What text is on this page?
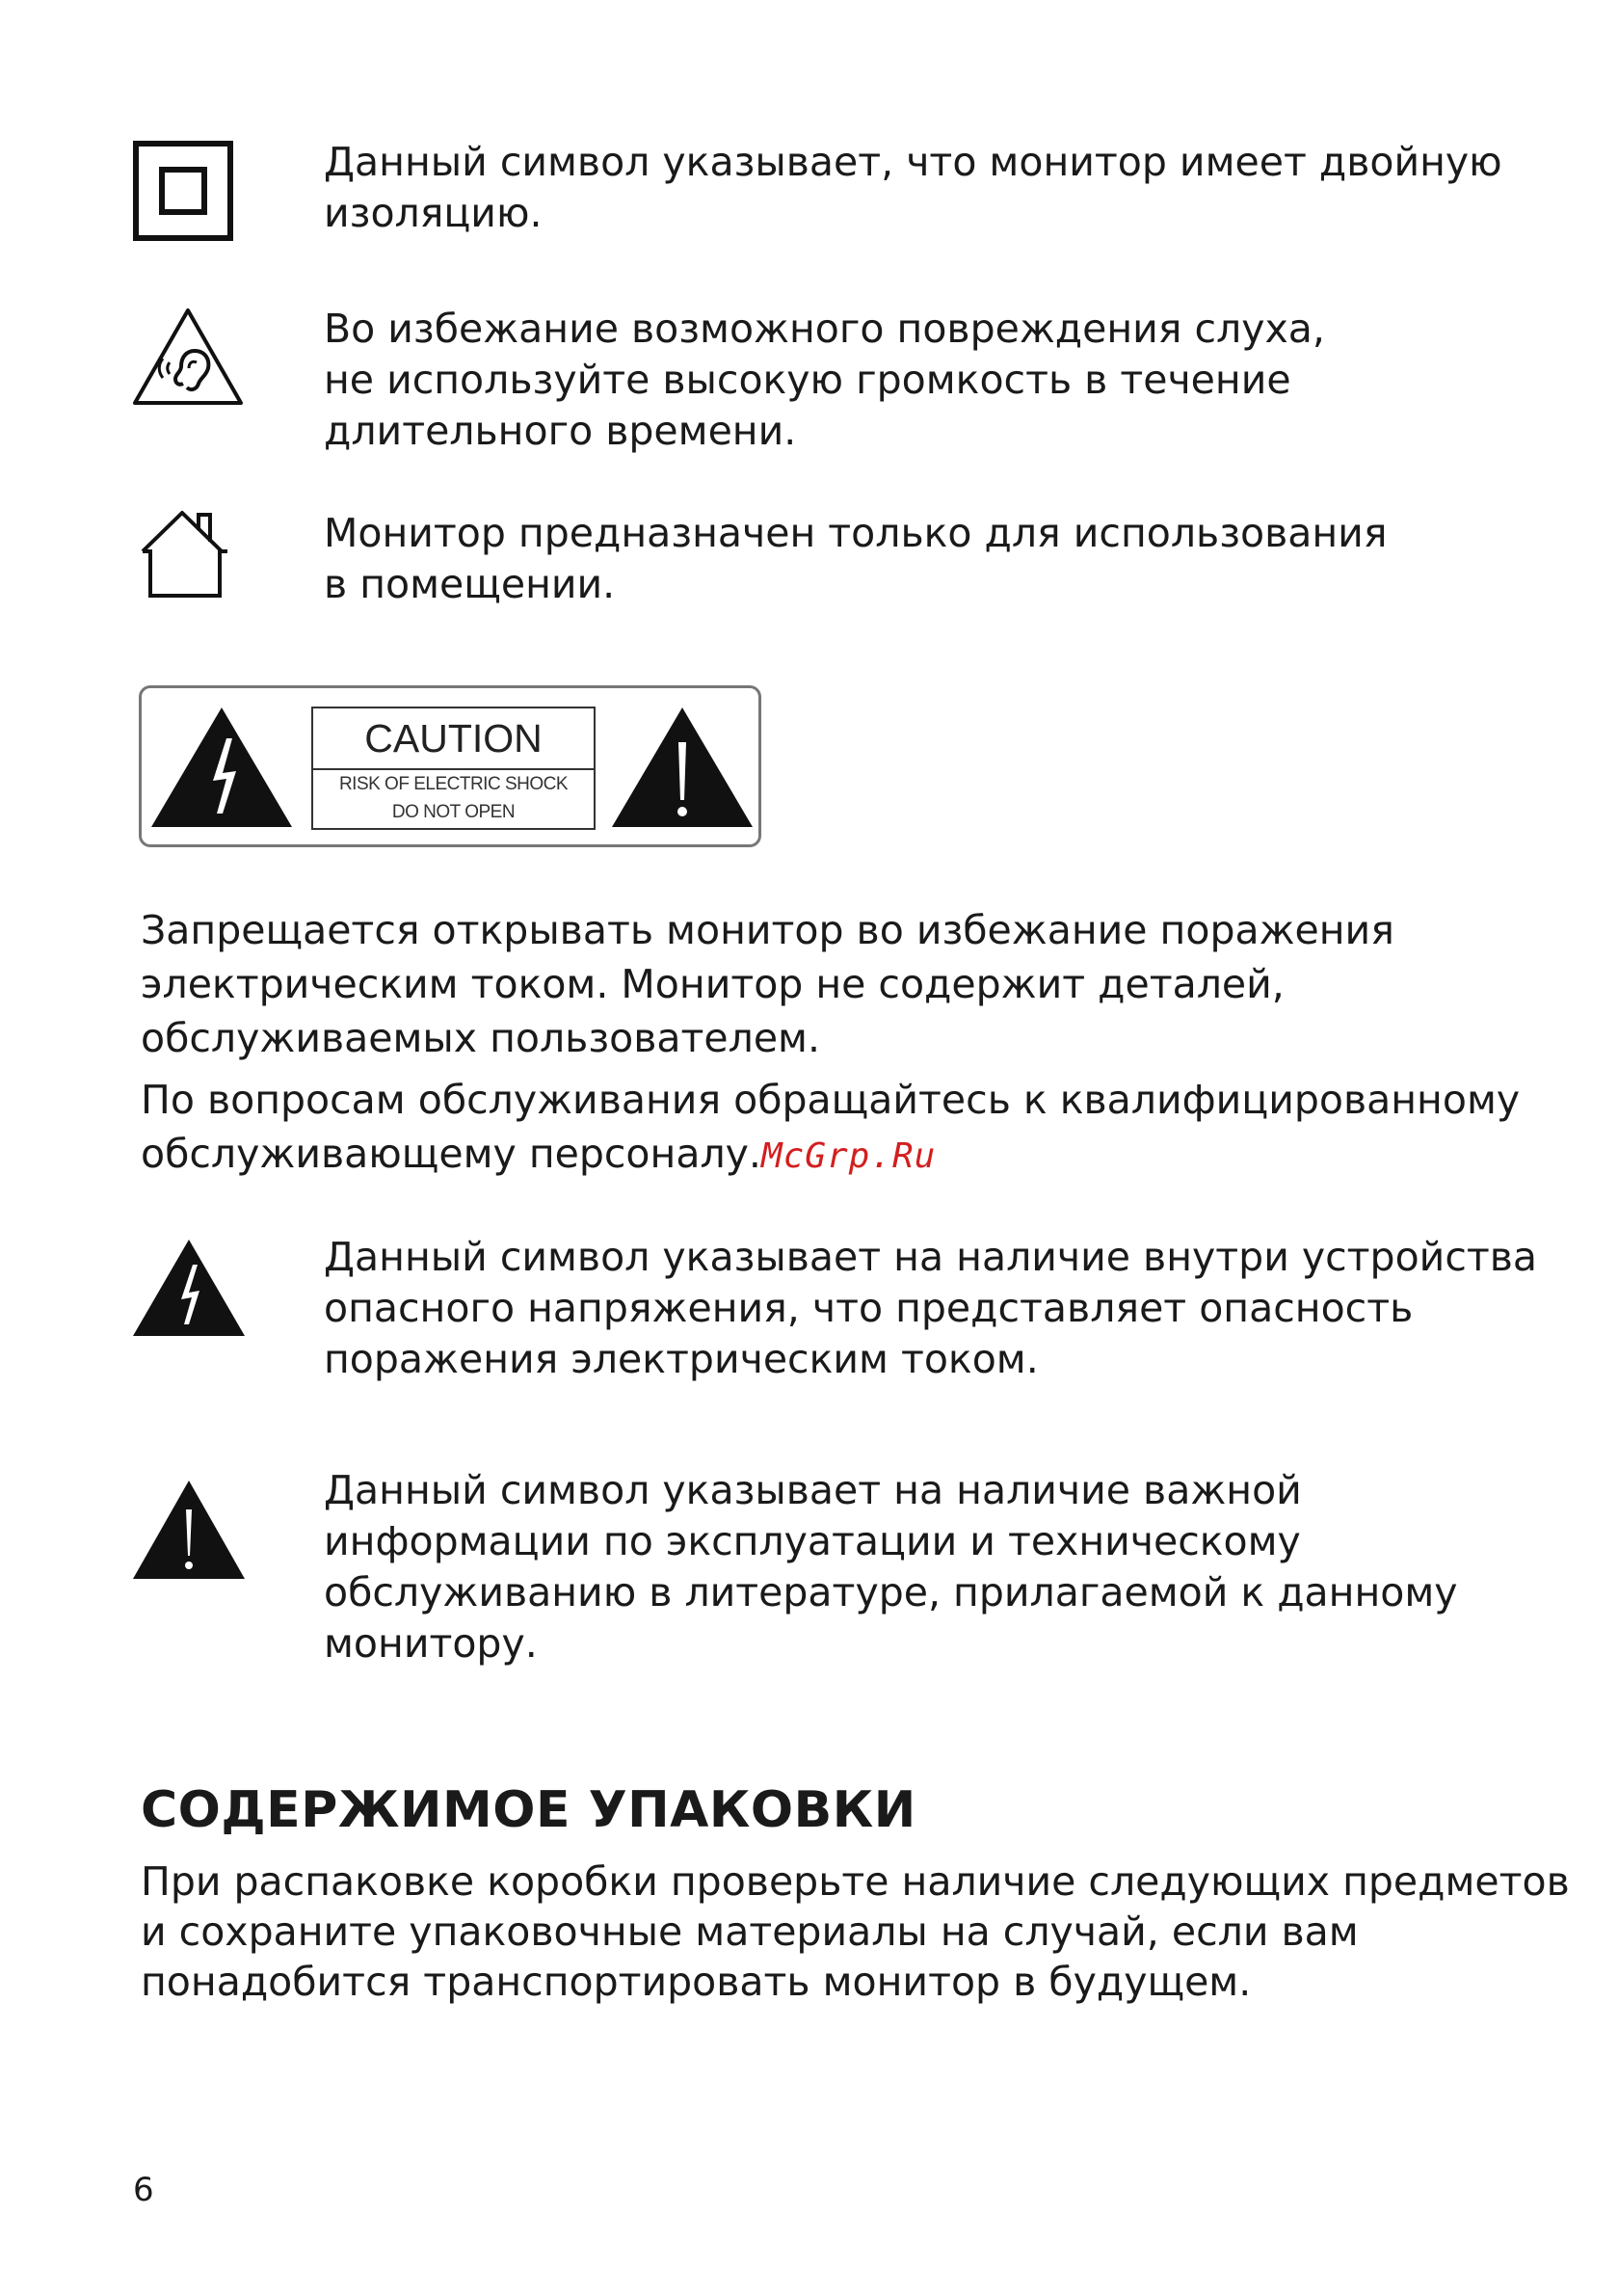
Данный символ указывает, что монитор имеет двойную
изоляцию.

Во избежание возможного повреждения слуха,
не используйте высокую громкость в течение
длительного времени.

Монитор предназначен только для использования
в помещении.

CAUTION
RISK OF ELECTRIC SHOCK
DO NOT OPEN

Запрещается открывать монитор во избежание поражения
электрическим током. Монитор не содержит деталей,
обслуживаемых пользователем.

По вопросам обслуживания обращайтесь к квалифицированному
обслуживающему персоналу.McGrp.Ru

Данный символ указывает на наличие внутри устройства
опасного напряжения, что представляет опасность
поражения электрическим током.

Данный символ указывает на наличие важной
информации по эксплуатации и техническому
обслуживанию в литературе, прилагаемой к данному
монитору.

СОДЕРЖИМОЕ УПАКОВКИ

При распаковке коробки проверьте наличие следующих предметов
и сохраните упаковочные материалы на случай, если вам
понадобится транспортировать монитор в будущем.

6
